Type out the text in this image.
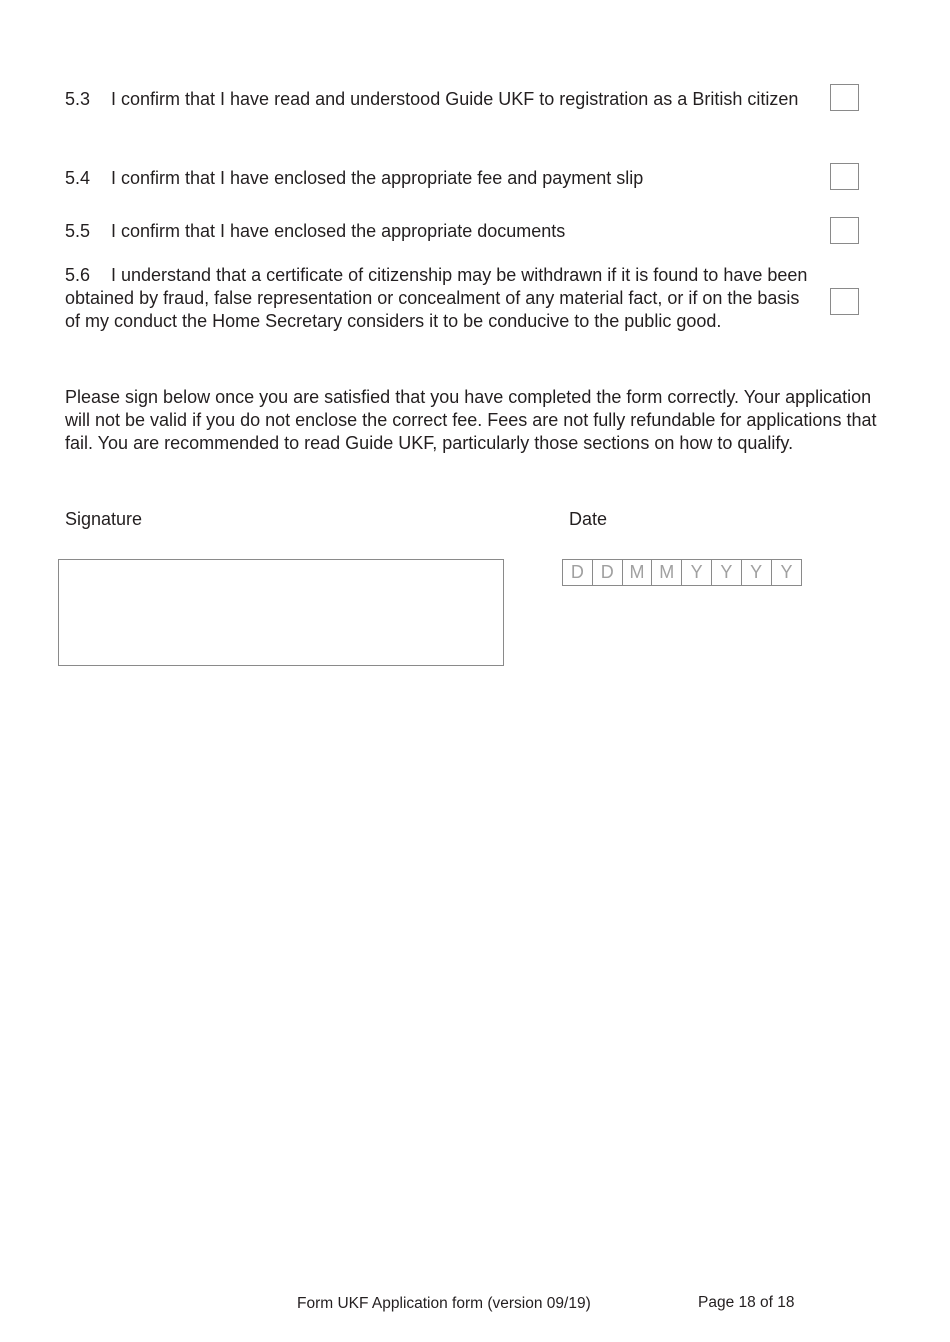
5.3 I confirm that I have read and understood Guide UKF to registration as a British citizen
5.4 I confirm that I have enclosed the appropriate fee and payment slip
5.5 I confirm that I have enclosed the appropriate documents
5.6 I understand that a certificate of citizenship may be withdrawn if it is found to have been obtained by fraud, false representation or concealment of any material fact, or if on the basis of my conduct the Home Secretary considers it to be conducive to the public good.
Please sign below once you are satisfied that you have completed the form correctly. Your application will not be valid if you do not enclose the correct fee. Fees are not fully refundable for applications that fail. You are recommended to read Guide UKF, particularly those sections on how to qualify.
Signature	Date
D D M M Y Y Y	Y
Form UKF Application form (version 09/19)	Page 18 of 18
